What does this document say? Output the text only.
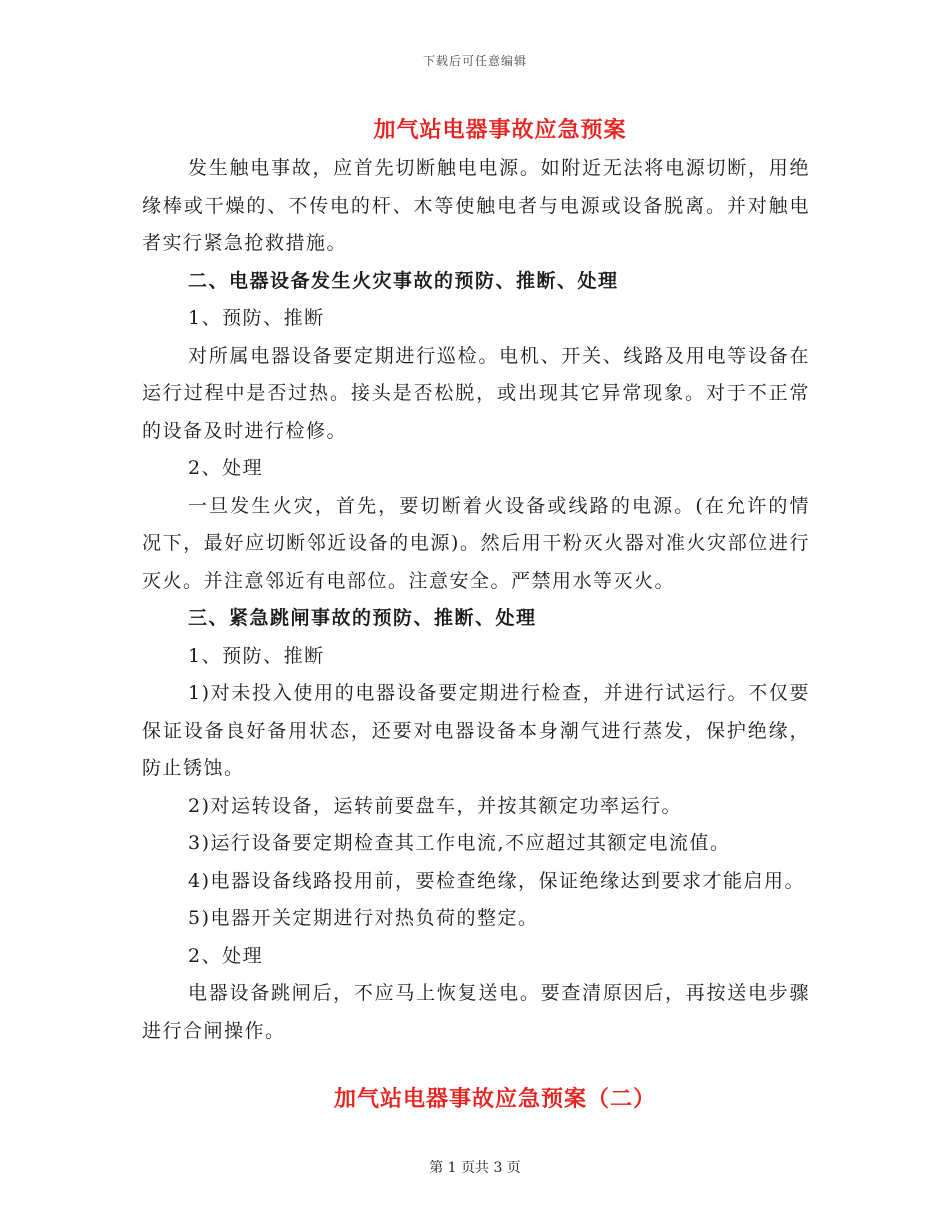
下载后可任意编辑
加气站电器事故应急预案

发生触电事故，应首先切断触电电源。如附近无法将电源切断，用绝缘棒或干燥的、不传电的杆、木等使触电者与电源或设备脱离。并对触电者实行紧急抢救措施。

二、电器设备发生火灾事故的预防、推断、处理

1、预防、推断

对所属电器设备要定期进行巡检。电机、开关、线路及用电等设备在运行过程中是否过热。接头是否松脱，或出现其它异常现象。对于不正常的设备及时进行检修。

2、处理

一旦发生火灾，首先，要切断着火设备或线路的电源。(在允许的情况下，最好应切断邻近设备的电源)。然后用干粉灭火器对准火灾部位进行灭火。并注意邻近有电部位。注意安全。严禁用水等灭火。

三、紧急跳闸事故的预防、推断、处理

1、预防、推断

1)对未投入使用的电器设备要定期进行检查，并进行试运行。不仅要保证设备良好备用状态，还要对电器设备本身潮气进行蒸发，保护绝缘，防止锈蚀。

2)对运转设备，运转前要盘车，并按其额定功率运行。

3)运行设备要定期检查其工作电流,不应超过其额定电流值。

4)电器设备线路投用前，要检查绝缘，保证绝缘达到要求才能启用。

5)电器开关定期进行对热负荷的整定。

2、处理

电器设备跳闸后，不应马上恢复送电。要查清原因后，再按送电步骤进行合闸操作。

加气站电器事故应急预案（二）
第 1 页共 3 页
